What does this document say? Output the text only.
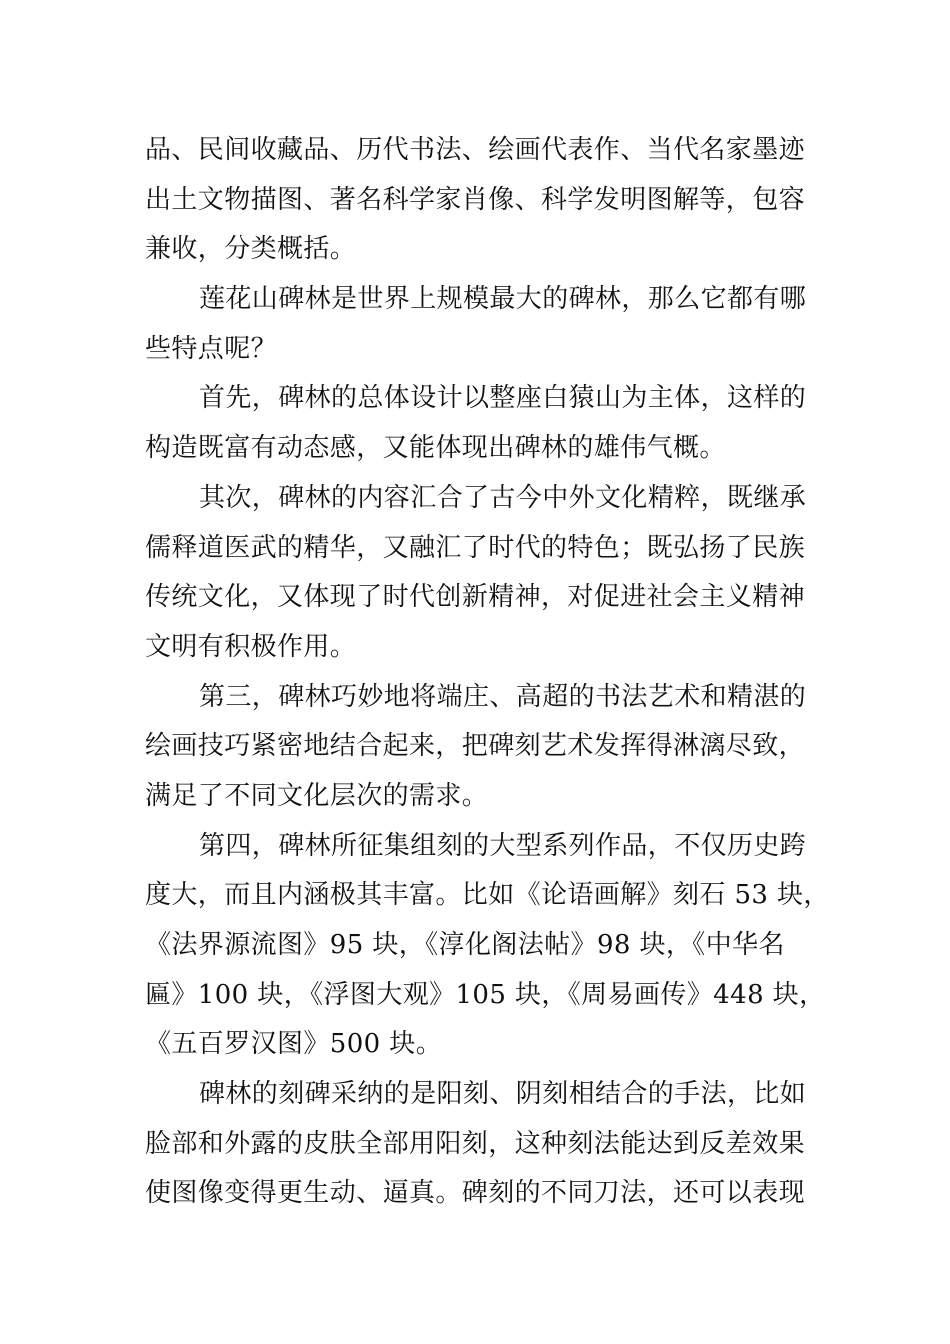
品、民间收藏品、历代书法、绘画代表作、当代名家墨迹
出土文物描图、著名科学家肖像、科学发明图解等，包容
兼收，分类概括。
莲花山碑林是世界上规模最大的碑林，那么它都有哪
些特点呢？
首先，碑林的总体设计以整座白猿山为主体，这样的
构造既富有动态感，又能体现出碑林的雄伟气概。
其次，碑林的内容汇合了古今中外文化精粹，既继承
儒释道医武的精华，又融汇了时代的特色；既弘扬了民族
传统文化，又体现了时代创新精神，对促进社会主义精神
文明有积极作用。
第三，碑林巧妙地将端庄、高超的书法艺术和精湛的
绘画技巧紧密地结合起来，把碑刻艺术发挥得淋漓尽致，
满足了不同文化层次的需求。
第四，碑林所征集组刻的大型系列作品，不仅历史跨
度大，而且内涵极其丰富。比如《论语画解》刻石 53 块，
《法界源流图》95 块，《淳化阁法帖》98 块，《中华名
匾》100 块，《浮图大观》105 块，《周易画传》448 块，
《五百罗汉图》500 块。
碑林的刻碑采纳的是阳刻、阴刻相结合的手法，比如
脸部和外露的皮肤全部用阳刻，这种刻法能达到反差效果
使图像变得更生动、逼真。碑刻的不同刀法，还可以表现
